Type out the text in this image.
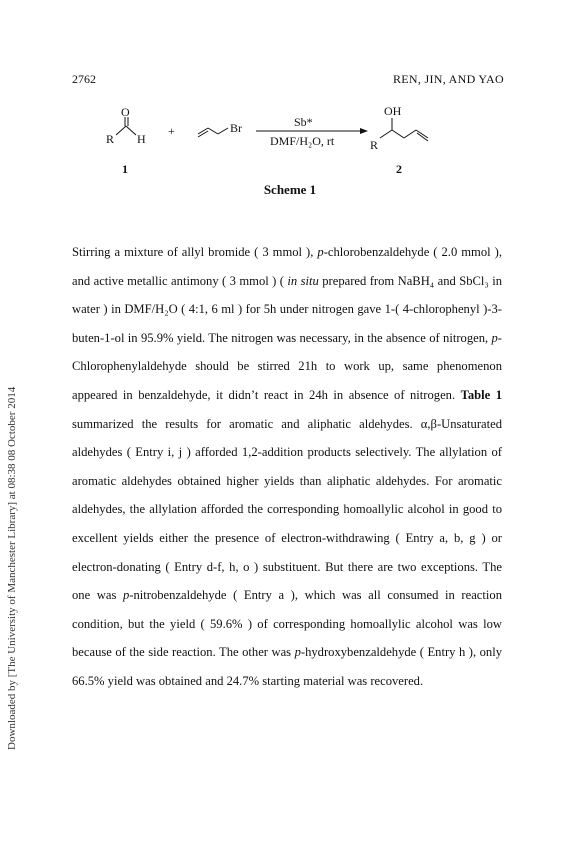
Downloaded by [The University of Manchester Library] at 08:38 08 October 2014
2762	REN, JIN, AND YAO
O
R H
+	Br	Sb*
DMF/H₂O, rt
OH
R
1	2
Scheme 1

Stirring a mixture of allyl bromide ( 3 mmol ), p-chlorobenzaldehyde ( 2.0 mmol ), and active metallic antimony ( 3 mmol ) ( in situ prepared from NaBH₄ and SbCl₃ in water ) in DMF/H₂O ( 4:1, 6 ml ) for 5h under nitrogen gave 1-( 4-chlorophenyl )-3-buten-1-ol in 95.9% yield. The nitrogen was necessary, in the absence of nitrogen, p-Chlorophenylaldehyde should be stirred 21h to work up, same phenomenon appeared in benzaldehyde, it didn’t react in 24h in absence of nitrogen. Table 1 summarized the results for aromatic and aliphatic aldehydes. α,β-Unsaturated aldehydes ( Entry i, j ) afforded 1,2-addition products selectively. The allylation of aromatic aldehydes obtained higher yields than aliphatic aldehydes. For aromatic aldehydes, the allylation afforded the corresponding homoallylic alcohol in good to excellent yields either the presence of electron-withdrawing ( Entry a, b, g ) or electron-donating ( Entry d-f, h, o ) substituent. But there are two exceptions. The one was p-nitrobenzaldehyde ( Entry a ), which was all consumed in reaction condition, but the yield ( 59.6% ) of corresponding homoallylic alcohol was low because of the side reaction. The other was p-hydroxybenzaldehyde ( Entry h ), only 66.5% yield was obtained and 24.7% starting material was recovered.
